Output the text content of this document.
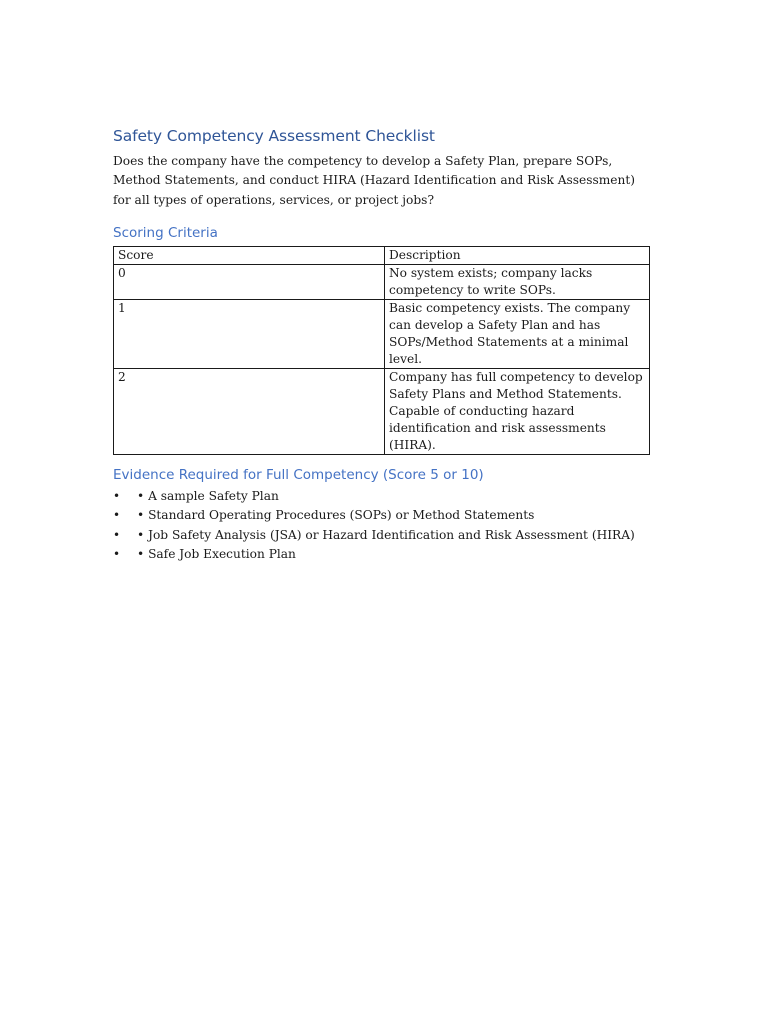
Safety Competency Assessment Checklist

Does the company have the competency to develop a Safety Plan, prepare SOPs, Method Statements, and conduct HIRA (Hazard Identification and Risk Assessment) for all types of operations, services, or project jobs?

Scoring Criteria
Score	Description
0	No system exists; company lacks competency to write SOPs.
1	Basic competency exists. The company can develop a Safety Plan and has SOPs/Method Statements at a minimal level.
2	Company has full competency to develop Safety Plans and Method Statements. Capable of conducting hazard identification and risk assessments (HIRA).
Evidence Required for Full Competency (Score 5 or 10)
• • A sample Safety Plan
• • Standard Operating Procedures (SOPs) or Method Statements
• • Job Safety Analysis (JSA) or Hazard Identification and Risk Assessment (HIRA)
• • Safe Job Execution Plan
